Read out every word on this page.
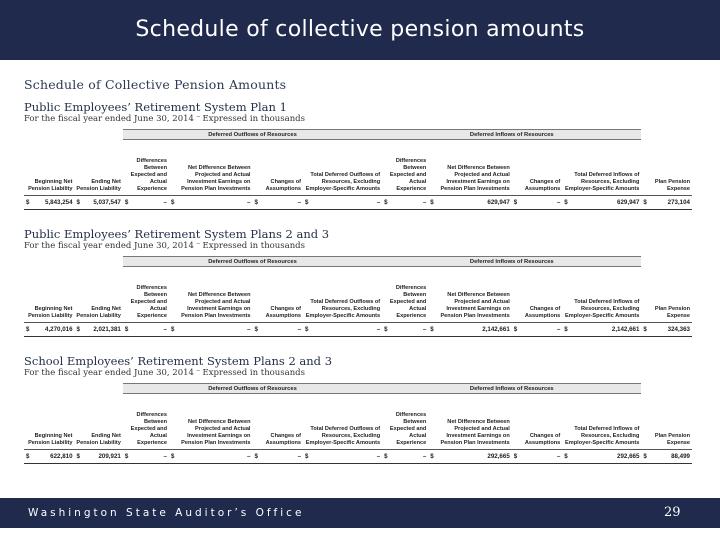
Schedule of collective pension amounts
Schedule of Collective Pension Amounts
Public Employees’ Retirement System Plan 1
For the fiscal year ended June 30, 2014 ⁻ Expressed in thousands
		Deferred Outflows of Resources				Deferred Inflows of Resources				
Beginning Net Pension Liability	Ending Net Pension Liability	Differences Between Expected and Actual Experience	Net Difference Between Projected and Actual Investment Earnings on Pension Plan Investments	Changes of Assumptions	Total Deferred Outflows of Resources, Excluding Employer-Specific Amounts	Differences Between Expected and Actual Experience	Net Difference Between Projected and Actual Investment Earnings on Pension Plan Investments	Changes of Assumptions	Total Deferred Inflows of Resources, Excluding Employer-Specific Amounts	Plan Pension Expense

$ 5,843,254	$ 5,037,547	$ –	$ –	$ –	$ –	$ –	$ 629,947	$ –	$ 629,947	$ 273,104
Public Employees’ Retirement System Plans 2 and 3
For the fiscal year ended June 30, 2014 ⁻ Expressed in thousands
		Deferred Outflows of Resources				Deferred Inflows of Resources				
Beginning Net Pension Liability	Ending Net Pension Liability	Differences Between Expected and Actual Experience	Net Difference Between Projected and Actual Investment Earnings on Pension Plan Investments	Changes of Assumptions	Total Deferred Outflows of Resources, Excluding Employer-Specific Amounts	Differences Between Expected and Actual Experience	Net Difference Between Projected and Actual Investment Earnings on Pension Plan Investments	Changes of Assumptions	Total Deferred Inflows of Resources, Excluding Employer-Specific Amounts	Plan Pension Expense

$ 4,270,016	$ 2,021,381	$ –	$ –	$ –	$ –	$ –	$ 2,142,661	$ –	$ 2,142,661	$ 324,363
School Employees’ Retirement System Plans 2 and 3
For the fiscal year ended June 30, 2014 ⁻ Expressed in thousands
		Deferred Outflows of Resources				Deferred Inflows of Resources				
Beginning Net Pension Liability	Ending Net Pension Liability	Differences Between Expected and Actual Experience	Net Difference Between Projected and Actual Investment Earnings on Pension Plan Investments	Changes of Assumptions	Total Deferred Outflows of Resources, Excluding Employer-Specific Amounts	Differences Between Expected and Actual Experience	Net Difference Between Projected and Actual Investment Earnings on Pension Plan Investments	Changes of Assumptions	Total Deferred Inflows of Resources, Excluding Employer-Specific Amounts	Plan Pension Expense

$ 622,810	$ 209,921	$ –	$ –	$ –	$ –	$ –	$ 292,665	$ –	$ 292,665	$ 88,499
Washington State Auditor’s Office	29
